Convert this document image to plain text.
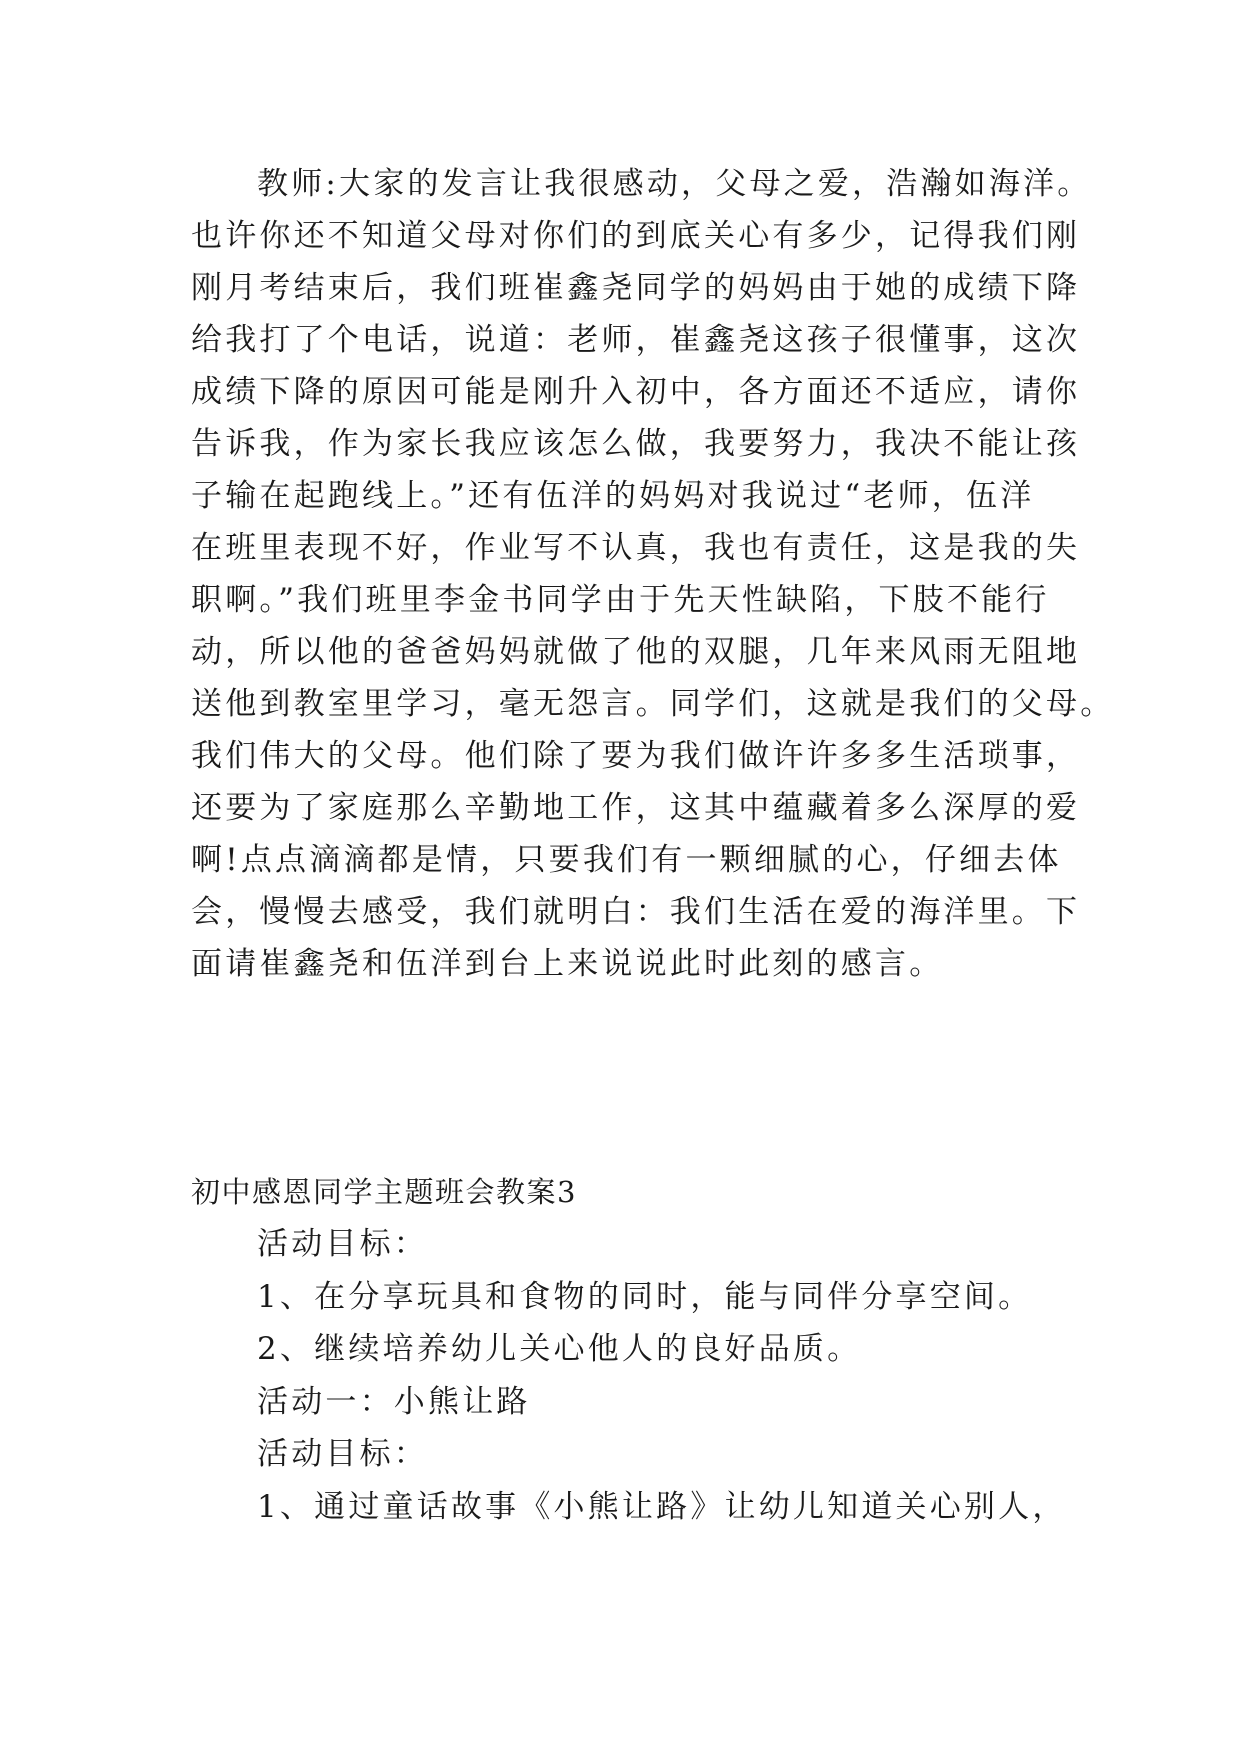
教师:大家的发言让我很感动，父母之爱，浩瀚如海洋。
也许你还不知道父母对你们的到底关心有多少，记得我们刚
刚月考结束后，我们班崔鑫尧同学的妈妈由于她的成绩下降
给我打了个电话，说道：老师，崔鑫尧这孩子很懂事，这次
成绩下降的原因可能是刚升入初中，各方面还不适应，请你
告诉我，作为家长我应该怎么做，我要努力，我决不能让孩
子输在起跑线上。”还有伍洋的妈妈对我说过“老师，伍洋
在班里表现不好，作业写不认真，我也有责任，这是我的失
职啊。”我们班里李金书同学由于先天性缺陷，下肢不能行
动，所以他的爸爸妈妈就做了他的双腿，几年来风雨无阻地
送他到教室里学习，毫无怨言。同学们，这就是我们的父母。
我们伟大的父母。他们除了要为我们做许许多多生活琐事，
还要为了家庭那么辛勤地工作，这其中蕴藏着多么深厚的爱
啊!点点滴滴都是情，只要我们有一颗细腻的心，仔细去体
会，慢慢去感受，我们就明白：我们生活在爱的海洋里。下
面请崔鑫尧和伍洋到台上来说说此时此刻的感言。
初中感恩同学主题班会教案3
活动目标：
1、在分享玩具和食物的同时，能与同伴分享空间。
2、继续培养幼儿关心他人的良好品质。
活动一：小熊让路
活动目标：
1、通过童话故事《小熊让路》让幼儿知道关心别人，
